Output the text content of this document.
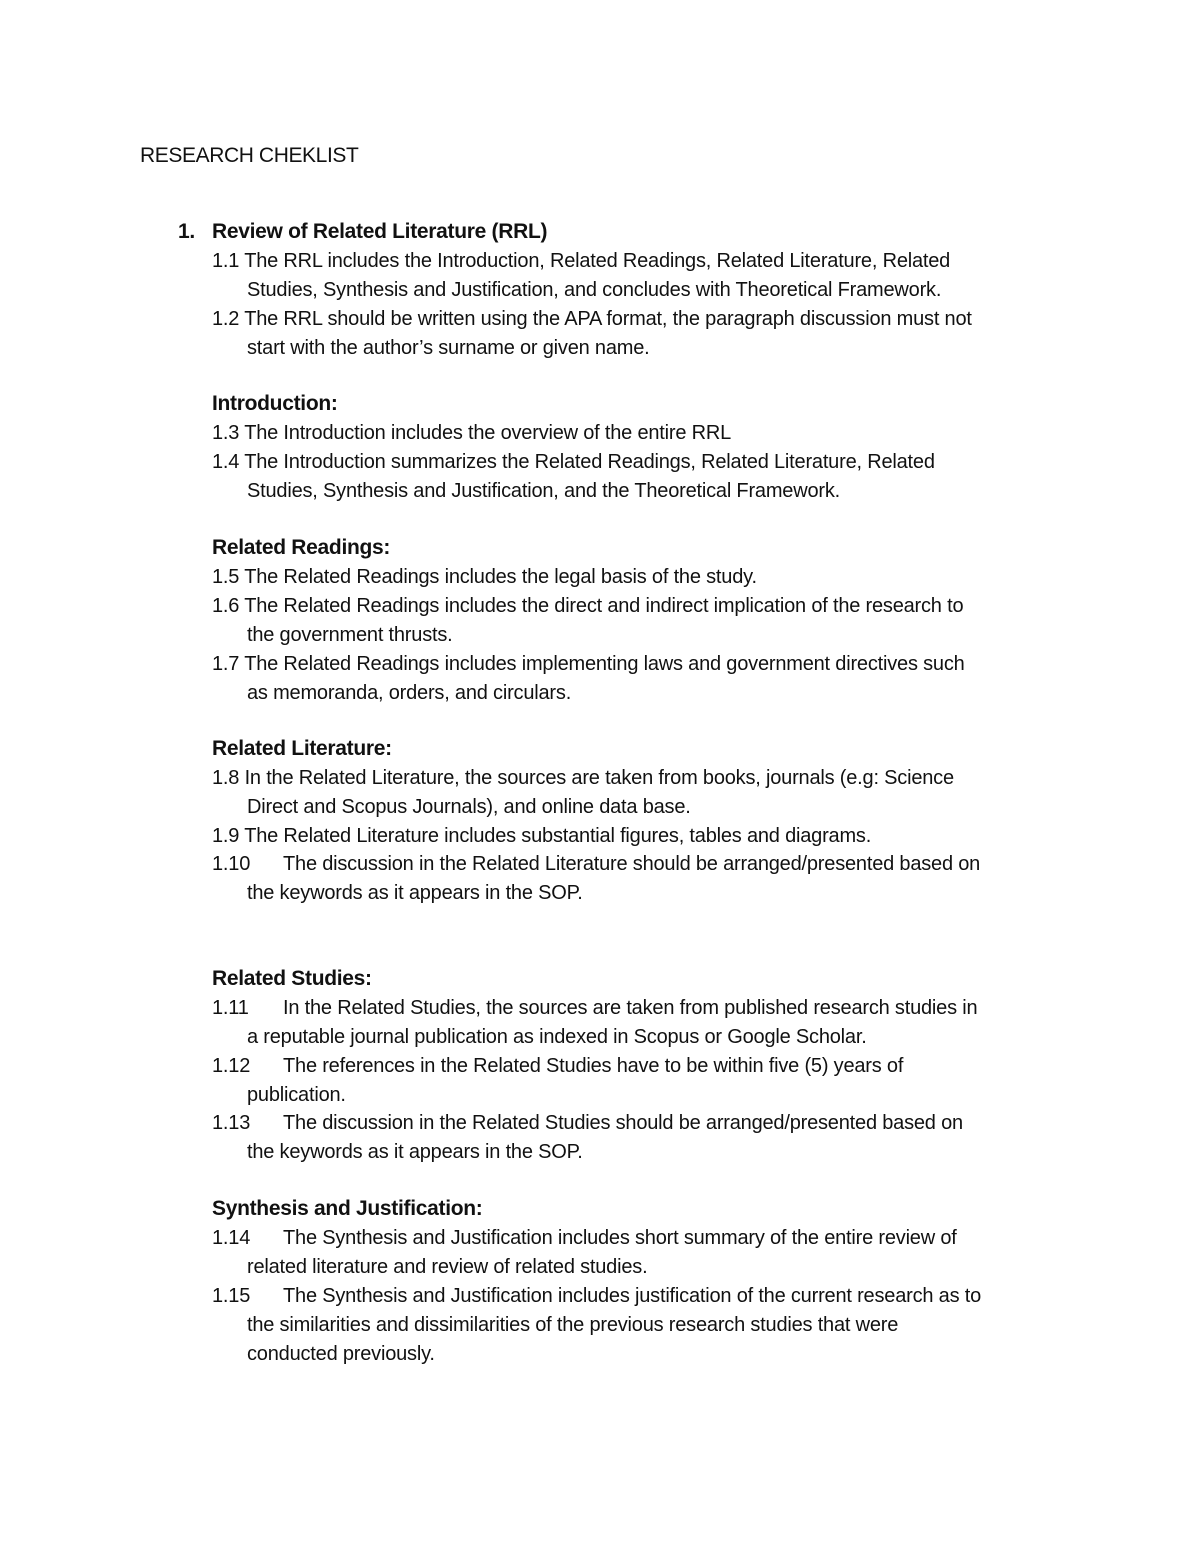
RESEARCH CHEKLIST
1. Review of Related Literature (RRL)

1.1 The RRL includes the Introduction, Related Readings, Related Literature, Related
Studies, Synthesis and Justification, and concludes with Theoretical Framework.

1.2 The RRL should be written using the APA format, the paragraph discussion must not
start with the author’s surname or given name.

Introduction:

1.3 The Introduction includes the overview of the entire RRL

1.4 The Introduction summarizes the Related Readings, Related Literature, Related
Studies, Synthesis and Justification, and the Theoretical Framework.

Related Readings:

1.5 The Related Readings includes the legal basis of the study.

1.6 The Related Readings includes the direct and indirect implication of the research to
the government thrusts.

1.7 The Related Readings includes implementing laws and government directives such
as memoranda, orders, and circulars.

Related Literature:

1.8 In the Related Literature, the sources are taken from books, journals (e.g: Science
Direct and Scopus Journals), and online data base.

1.9 The Related Literature includes substantial figures, tables and diagrams.

1.10 The discussion in the Related Literature should be arranged/presented based on
the keywords as it appears in the SOP.

Related Studies:

1.11 In the Related Studies, the sources are taken from published research studies in
a reputable journal publication as indexed in Scopus or Google Scholar.

1.12 The references in the Related Studies have to be within five (5) years of
publication.

1.13 The discussion in the Related Studies should be arranged/presented based on
the keywords as it appears in the SOP.

Synthesis and Justification:

1.14 The Synthesis and Justification includes short summary of the entire review of
related literature and review of related studies.

1.15 The Synthesis and Justification includes justification of the current research as to
the similarities and dissimilarities of the previous research studies that were
conducted previously.
